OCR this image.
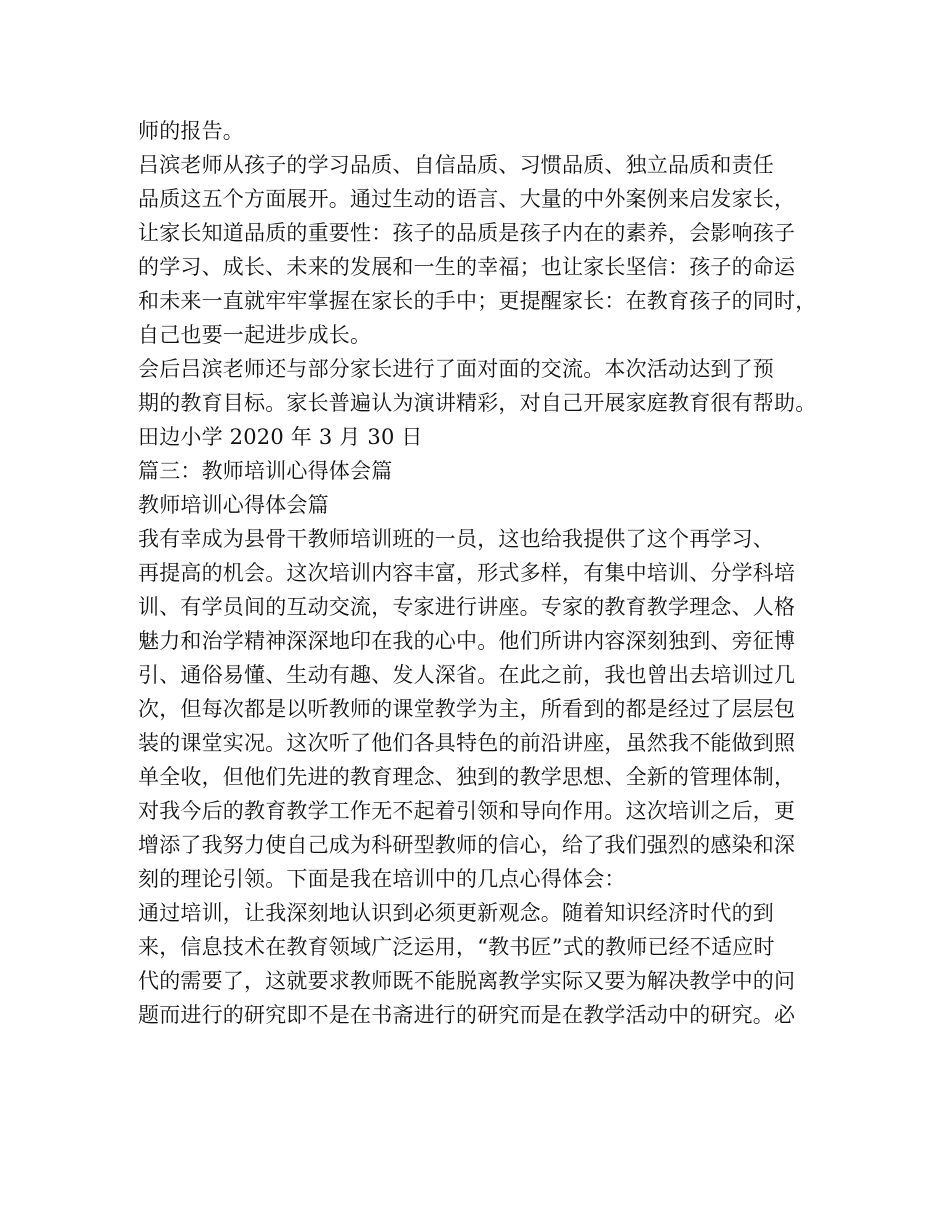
师的报告。
吕滨老师从孩子的学习品质、自信品质、习惯品质、独立品质和责任
品质这五个方面展开。通过生动的语言、大量的中外案例来启发家长，
让家长知道品质的重要性：孩子的品质是孩子内在的素养，会影响孩子
的学习、成长、未来的发展和一生的幸福；也让家长坚信：孩子的命运
和未来一直就牢牢掌握在家长的手中；更提醒家长：在教育孩子的同时，
自己也要一起进步成长。
会后吕滨老师还与部分家长进行了面对面的交流。本次活动达到了预
期的教育目标。家长普遍认为演讲精彩，对自己开展家庭教育很有帮助。
田边小学 2020 年 3 月 30 日
篇三：教师培训心得体会篇
教师培训心得体会篇
我有幸成为县骨干教师培训班的一员，这也给我提供了这个再学习、
再提高的机会。这次培训内容丰富，形式多样，有集中培训、分学科培
训、有学员间的互动交流，专家进行讲座。专家的教育教学理念、人格
魅力和治学精神深深地印在我的心中。他们所讲内容深刻独到、旁征博
引、通俗易懂、生动有趣、发人深省。在此之前，我也曾出去培训过几
次，但每次都是以听教师的课堂教学为主，所看到的都是经过了层层包
装的课堂实况。这次听了他们各具特色的前沿讲座，虽然我不能做到照
单全收，但他们先进的教育理念、独到的教学思想、全新的管理体制，
对我今后的教育教学工作无不起着引领和导向作用。这次培训之后，更
增添了我努力使自己成为科研型教师的信心，给了我们强烈的感染和深
刻的理论引领。下面是我在培训中的几点心得体会：
通过培训，让我深刻地认识到必须更新观念。随着知识经济时代的到
来，信息技术在教育领域广泛运用，“教书匠”式的教师已经不适应时
代的需要了，这就要求教师既不能脱离教学实际又要为解决教学中的问
题而进行的研究即不是在书斋进行的研究而是在教学活动中的研究。必
